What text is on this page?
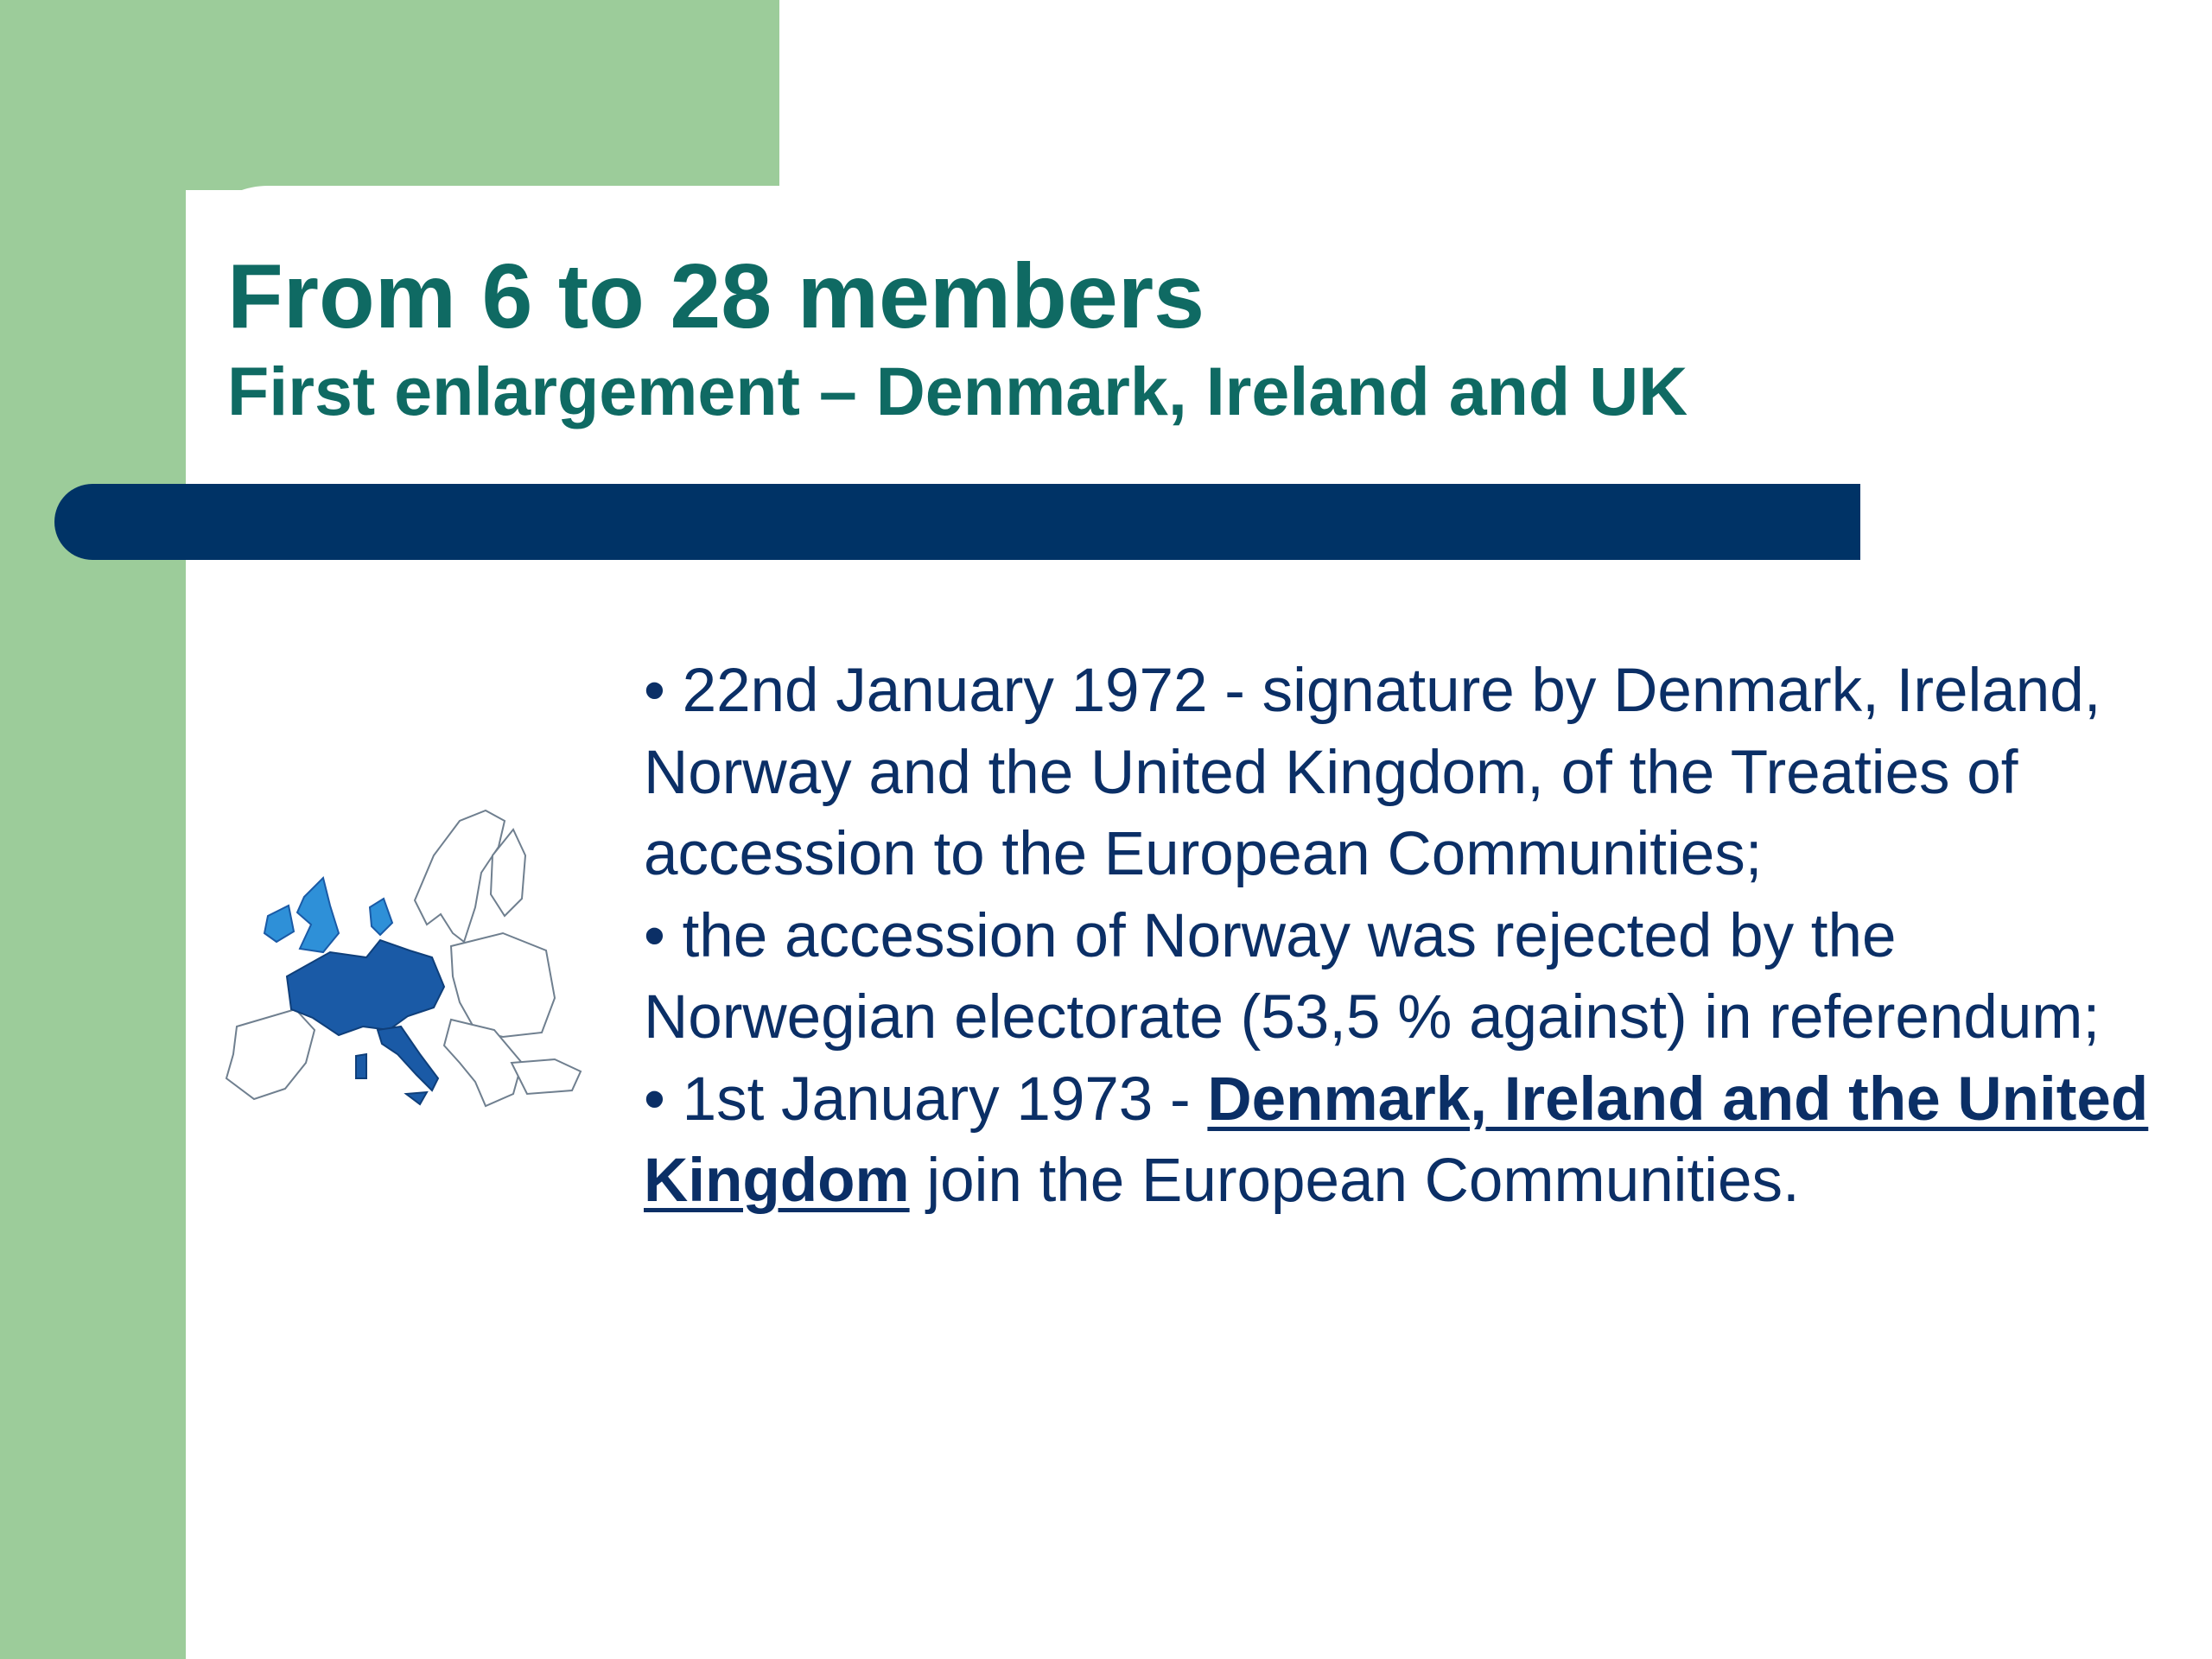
From 6 to 28 members
First enlargement – Denmark, Ireland and UK

• 22nd January 1972 - signature by Denmark, Ireland, Norway and the United Kingdom, of the Treaties of accession to the European Communities;

• the accession of Norway was rejected by the Norwegian electorate (53,5 % against) in referendum;

• 1st January 1973 - Denmark, Ireland and the United Kingdom join the European Communities.
